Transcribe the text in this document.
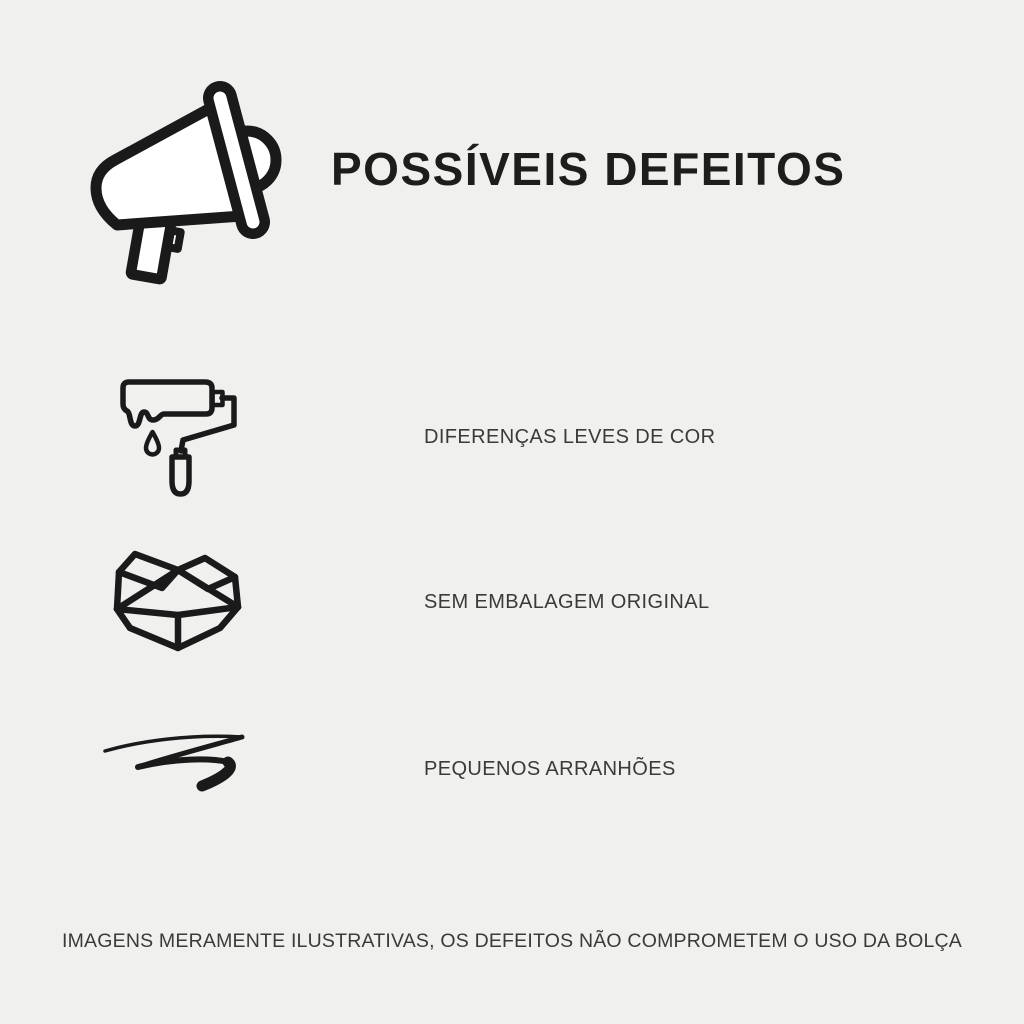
POSSÍVEIS DEFEITOS
DIFERENÇAS LEVES DE COR
SEM EMBALAGEM ORIGINAL
PEQUENOS ARRANHÕES
IMAGENS MERAMENTE ILUSTRATIVAS, OS DEFEITOS NÃO COMPROMETEM O USO DA BOLÇA
